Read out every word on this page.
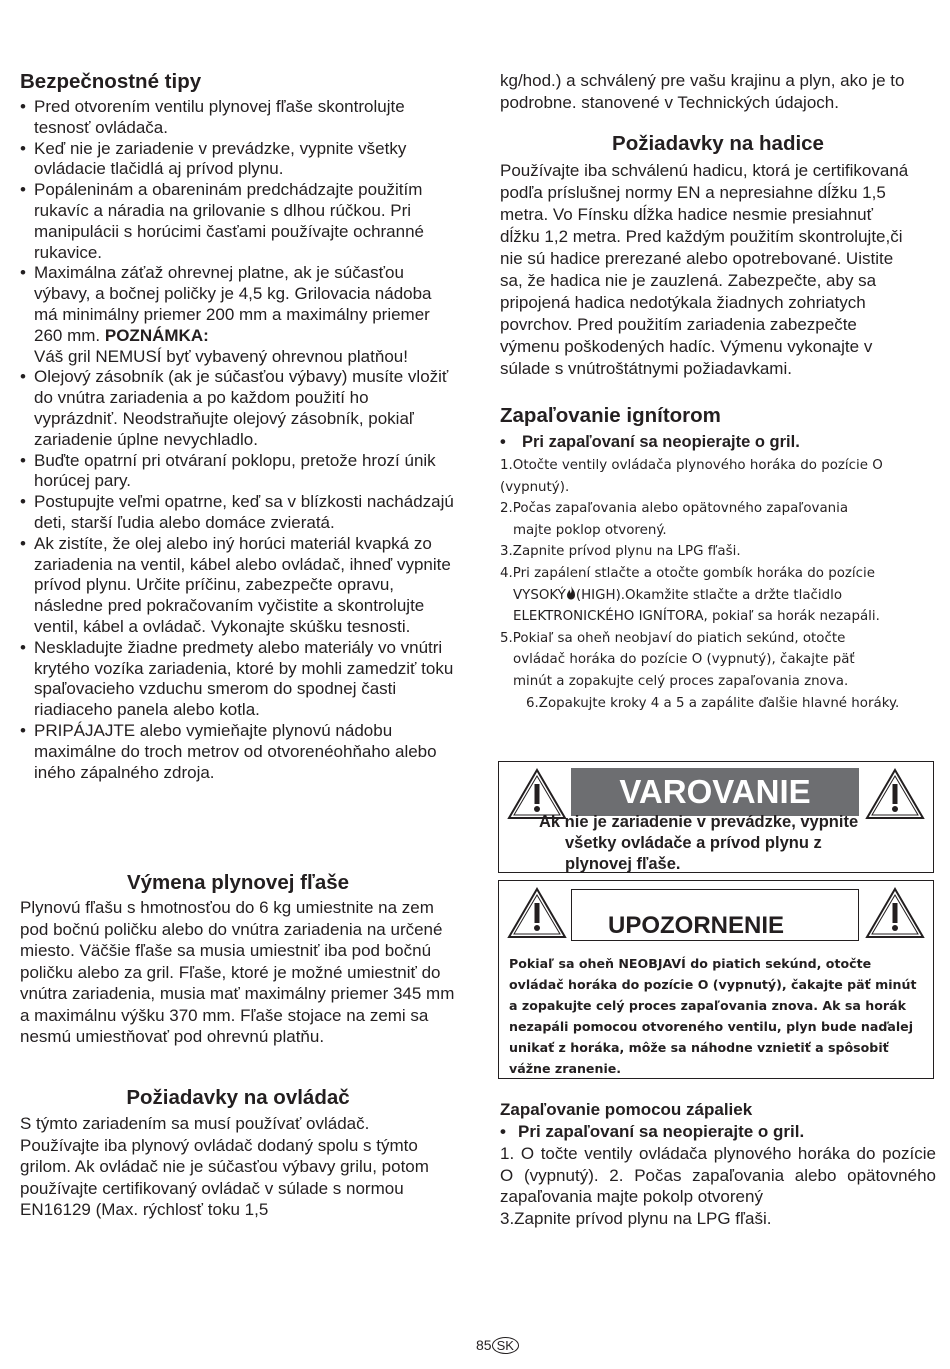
Bezpečnostné tipy
• Pred otvorením ventilu plynovej fľaše skontrolujte tesnosť ovládača.
• Keď nie je zariadenie v prevádzke, vypnite všetky ovládacie tlačidlá aj prívod plynu.
• Popáleninám a obareninám predchádzajte použitím rukavíc a náradia na grilovanie s dlhou rúčkou. Pri manipulácii s horúcimi časťami používajte ochranné rukavice.
• Maximálna záťaž ohrevnej platne, ak je súčasťou výbavy, a bočnej poličky je 4,5 kg. Grilovacia nádoba má minimálny priemer 200 mm a maximálny priemer 260 mm. POZNÁMKA:
Váš gril NEMUSÍ byť vybavený ohrevnou platňou!
• Olejový zásobník (ak je súčasťou výbavy) musíte vložiť do vnútra zariadenia a po každom použití ho vyprázdniť. Neodstraňujte olejový zásobník, pokiaľ zariadenie úplne nevychladlo.
• Buďte opatrní pri otváraní poklopu, pretože hrozí únik horúcej pary.
• Postupujte veľmi opatrne, keď sa v blízkosti nachádzajú deti, starší ľudia alebo domáce zvieratá.
• Ak zistíte, že olej alebo iný horúci materiál kvapká zo zariadenia na ventil, kábel alebo ovládač, ihneď vypnite prívod plynu. Určite príčinu, zabezpečte opravu, následne pred pokračovaním vyčistite a skontrolujte ventil, kábel a ovládač. Vykonajte skúšku tesnosti.
• Neskladujte žiadne predmety alebo materiály vo vnútri krytého vozíka zariadenia, ktoré by mohli zamedziť toku spaľovacieho vzduchu smerom do spodnej časti riadiaceho panela alebo kotla.
• PRIPÁJAJTE alebo vymieňajte plynovú nádobu maximálne do troch metrov od otvorenéohňaho alebo iného zápalného zdroja.
Výmena plynovej fľaše

Plynovú fľašu s hmotnosťou do 6 kg umiestnite na zem pod bočnú poličku alebo do vnútra zariadenia na určené miesto. Väčšie fľaše sa musia umiestniť iba pod bočnú poličku alebo za gril. Fľaše, ktoré je možné umiestniť do vnútra zariadenia, musia mať maximálny priemer 345 mm a maximálnu výšku 370 mm. Fľaše stojace na zemi sa nesmú umiestňovať pod ohrevnú platňu.

Požiadavky na ovládač

S týmto zariadením sa musí používať ovládač. Používajte iba plynový ovládač dodaný spolu s týmto grilom. Ak ovládač nie je súčasťou výbavy grilu, potom používajte certifikovaný ovládač v súlade s normou EN16129 (Max. rýchlosť toku 1,5

kg/hod.) a schválený pre vašu krajinu a plyn, ako je to podrobne. stanovené v Technických údajoch.

Požiadavky na hadice

Používajte iba schválenú hadicu, ktorá je certifikovaná podľa príslušnej normy EN a nepresiahne dĺžku 1,5 metra. Vo Fínsku dĺžka hadice nesmie presiahnuť dĺžku 1,2 metra. Pred každým použitím skontrolujte,či nie sú hadice prerezané alebo opotrebované. Uistite sa, že hadica nie je zauzlená. Zabezpečte, aby sa pripojená hadica nedotýkala žiadnych zohriatych povrchov. Pred použitím zariadenia zabezpečte výmenu poškodených hadíc. Výmenu vykonajte v súlade s vnútroštátnymi požiadavkami.

Zapaľovanie ignítorom
• Pri zapaľovaní sa neopierajte o gril.
1.Otočte ventily ovládača plynového horáka do pozície O
(vypnutý).
2.Počas zapaľovania alebo opätovného zapaľovania
majte poklop otvorený.
3.Zapnite prívod plynu na LPG fľaši.
4.Pri zapálení stlačte a otočte gombík horáka do pozície
VYSOKÝ (HIGH).Okamžite stlačte a držte tlačidlo
ELEKTRONICKÉHO IGNÍTORA, pokiaľ sa horák nezapáli.
5.Pokiaľ sa oheň neobjaví do piatich sekúnd, otočte
ovládač horáka do pozície O (vypnutý), čakajte päť
minút a zopakujte celý proces zapaľovania znova.
6.Zopakujte kroky 4 a 5 a zapálite ďalšie hlavné horáky.
Zapaľovanie pomocou zápaliek
• Pri zapaľovaní sa neopierajte o gril.

1. O točte ventily ovládača plynového horáka do pozície O (vypnutý). 2. Počas zapaľovania alebo opätovného zapaľovania majte pokolp otvorený

3.Zapnite prívod plynu na LPG fľaši.

VAROVANIE
Ak nie je zariadenie v prevádzke, vypnite
všetky ovládače a prívod plynu z
plynovej fľaše.
UPOZORNENIE

Pokiaľ sa oheň NEOBJAVÍ do piatich sekúnd, otočte ovládač horáka do pozície O (vypnutý), čakajte päť minút a zopakujte celý proces zapaľovania znova. Ak sa horák nezapáli pomocou otvoreného ventilu, plyn bude naďalej unikať z horáka, môže sa náhodne vznietiť a spôsobiť vážne zranenie.

85 SK
